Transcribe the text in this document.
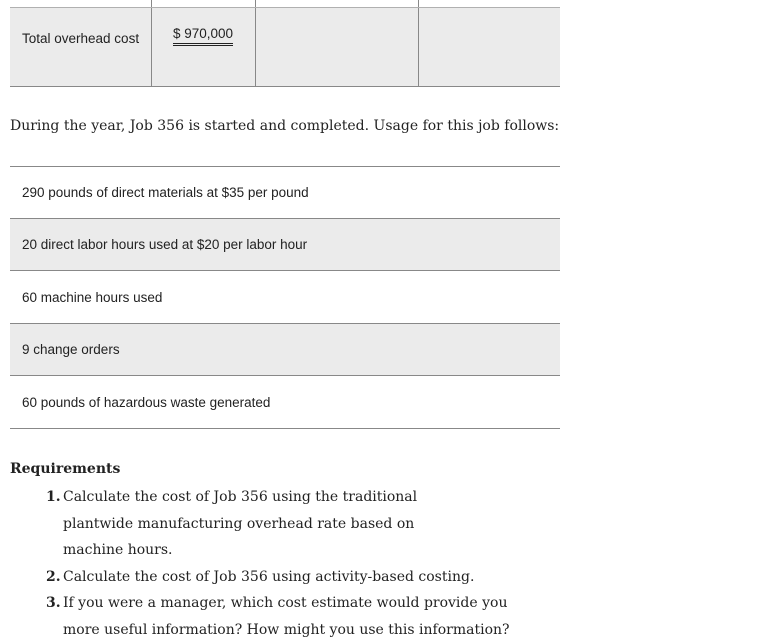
Total overhead cost	$ 970,000
During the year, Job 356 is started and completed. Usage for this job follows:
290 pounds of direct materials at $35 per pound
20 direct labor hours used at $20 per labor hour
60 machine hours used
9 change orders
60 pounds of hazardous waste generated
Requirements
1. Calculate the cost of Job 356 using the traditional plantwide manufacturing overhead rate based on machine hours.
2. Calculate the cost of Job 356 using activity-based costing.
3. If you were a manager, which cost estimate would provide you more useful information? How might you use this information?
